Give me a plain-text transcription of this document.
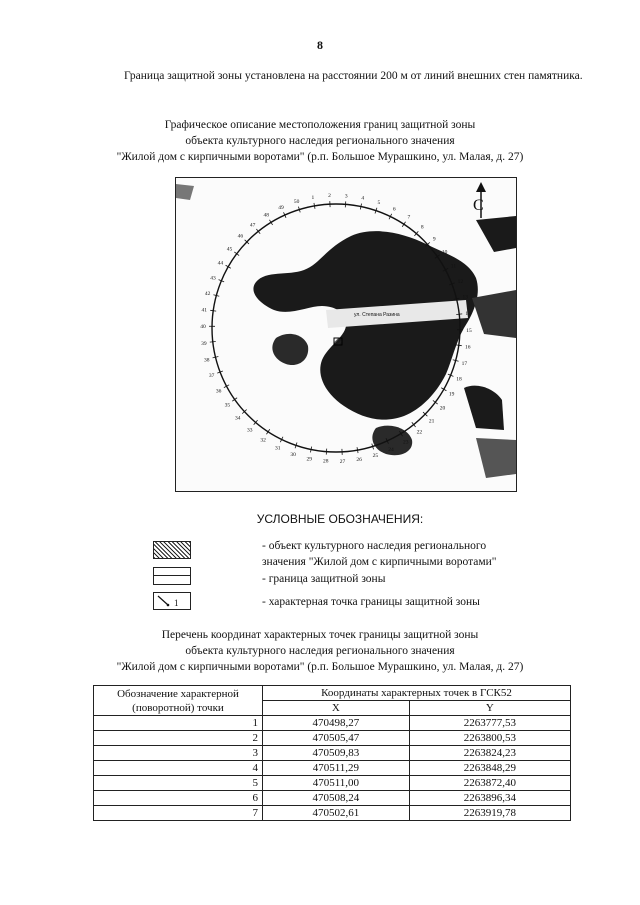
8
Граница защитной зоны установлена на расстоянии 200 м от линий внешних стен памятника.
Графическое описание местоположения границ защитной зоны
объекта культурного наследия регионального значения
"Жилой дом с кирпичными воротами" (р.п. Большое Мурашкино, ул. Малая, д. 27)
ул. Степана Разина
1	2	3	4
5
6
7
8
9
10
11
12
13
14
15
16
17
18
19
20
21
22
23
24
25
26
27
28
29
30
31
32
33
34
35
36
37
38
39
40
41
42
43
44
45
46
47
48
49
50	С
УСЛОВНЫЕ ОБОЗНАЧЕНИЯ:
- объект культурного наследия регионального
значения "Жилой дом с кирпичными воротами"
- граница защитной зоны
1	- характерная точка границы защитной зоны
Перечень координат характерных точек границы защитной зоны
объекта культурного наследия регионального значения
"Жилой дом с кирпичными воротами" (р.п. Большое Мурашкино, ул. Малая, д. 27)
Обозначение характерной (поворотной) точки	Координаты характерных точек в ГСК52	
	X	Y
1	470498,27	2263777,53
2	470505,47	2263800,53
3	470509,83	2263824,23
4	470511,29	2263848,29
5	470511,00	2263872,40
6	470508,24	2263896,34
7	470502,61	2263919,78
